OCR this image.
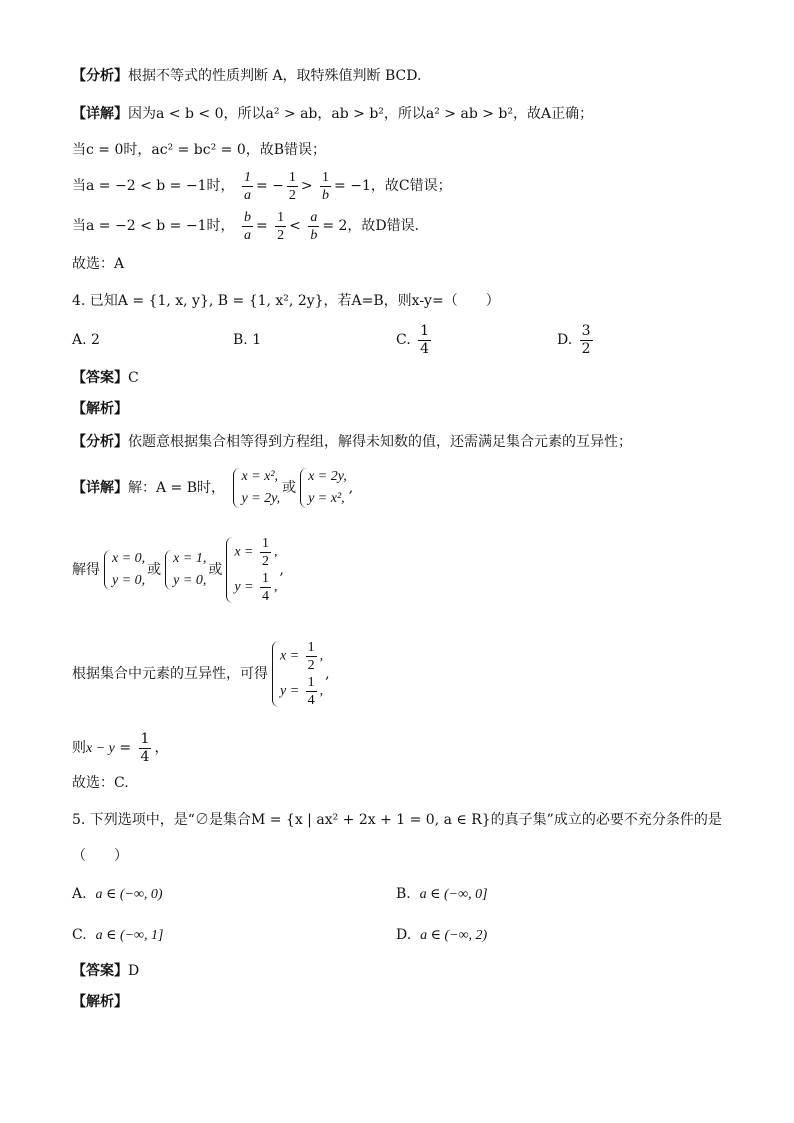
【分析】根据不等式的性质判断 A，取特殊值判断 BCD.
【详解】因为a < b < 0，所以a² > ab，ab > b²，所以a² > ab > b²，故A正确；
当c = 0时，ac² = bc² = 0，故B错误；
当a = −2 < b = −1时， $\frac{1}{a}$ = − $\frac{1}{2} > \frac{1}{b} = -1$，故C错误；
当a = −2 < b = −1时， $\frac{b}{a} = \frac{1}{2} < \frac{a}{b} = 2$，故D错误.
故选：A
4. 已知A = {1, x, y}, B = {1, x², 2y}，若A=B，则x-y=（　　）
A. 2	B. 1	C. $\frac{1}{4}$	D. $\frac{3}{2}$
【答案】C
【解析】
【分析】依题意根据集合相等得到方程组，解得未知数的值，还需满足集合元素的互异性；
【详解】解：A = B时，
x = x²,
y = 2y,
或
x = 2y,
y = x²,
,
解得
x = 0,
y = 0,
或
x = 1,
y = 0,
或
$x = \frac{1}{2}$ ,
$y = \frac{1}{4}$ ,
,
根据集合中元素的互异性，可得
$x = \frac{1}{2}$ ,
$y = \frac{1}{4}$ ,
,
则$x - y = \frac{1}{4}$ ，
故选：C.
5. 下列选项中，是“∅是集合M = {x | ax² + 2x + 1 = 0, a ∈ R}的真子集”成立的必要不充分条件的是
（　　）
A. a ∈ (−∞, 0)	B. a ∈ (−∞, 0]
C. a ∈ (−∞, 1]	D. a ∈ (−∞, 2)
【答案】D
【解析】
